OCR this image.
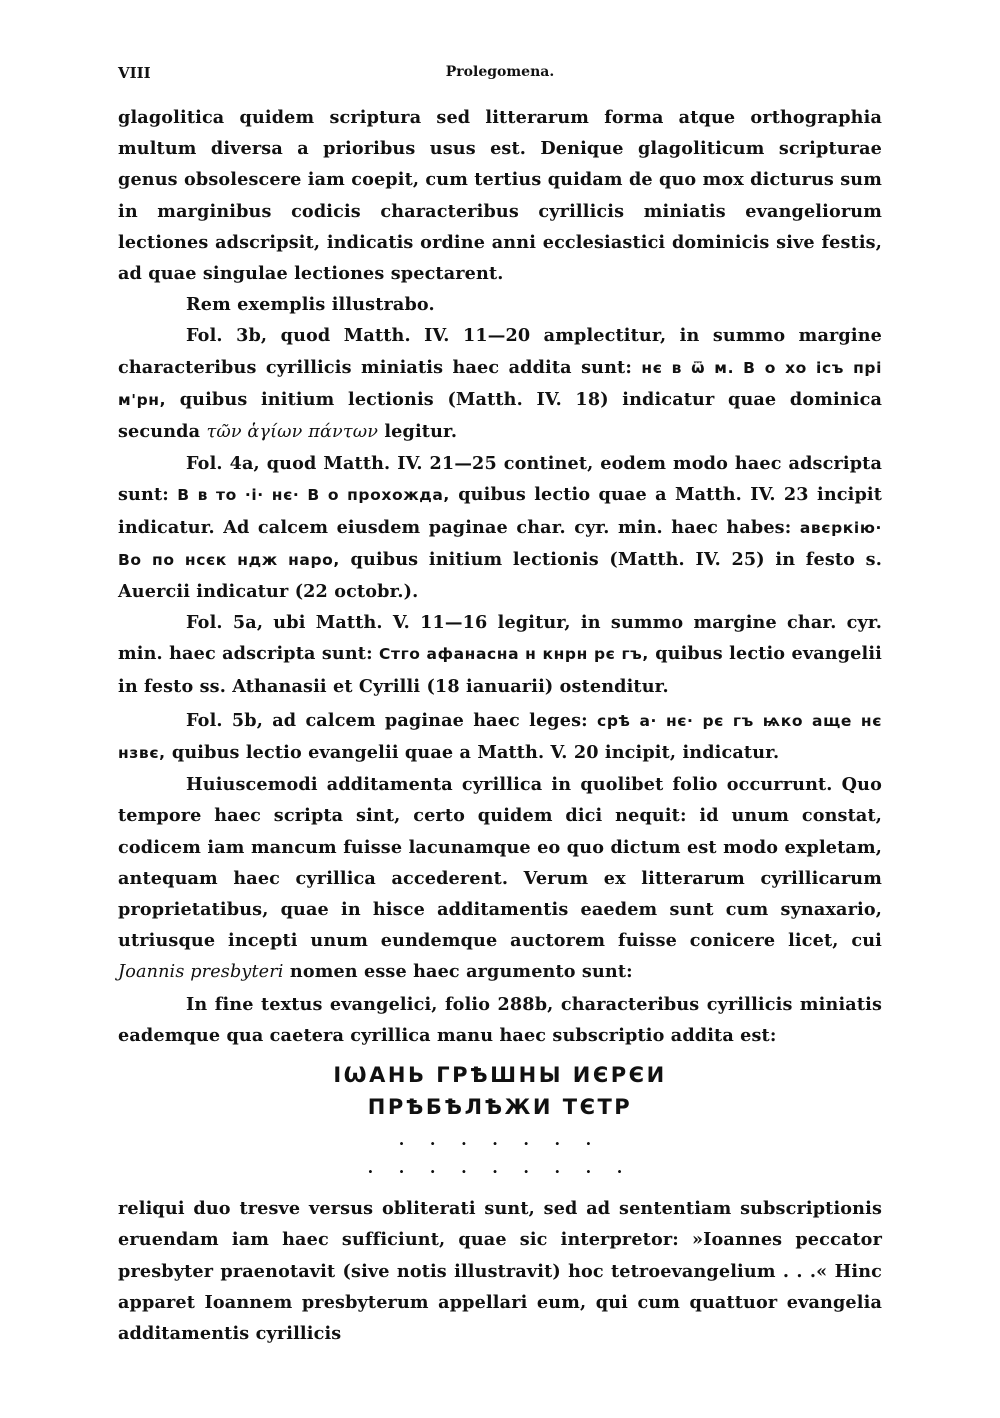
VIII	Prolegomena.

glagolitica quidem scriptura sed litterarum forma atque orthographia multum diversa a prioribus usus est. Denique glagoliticum scripturae genus obsolescere iam coepit, cum tertius quidam de quo mox dicturus sum in marginibus codicis characteribus cyrillicis miniatis evangeliorum lectiones adscripsit, indicatis ordine anni ecclesiastici dominicis sive festis, ad quae singulae lectiones spectarent.

Rem exemplis illustrabo.

Fol. 3b, quod Matth. IV. 11—20 amplectitur, in summo margine characteribus cyrillicis miniatis haec addita sunt: нє в ѿ м. В о хо ісъ прі м'рн, quibus initium lectionis (Matth. IV. 18) indicatur quae dominica secunda τῶν ἁγίων πάντων legitur.

Fol. 4a, quod Matth. IV. 21—25 continet, eodem modo haec adscripta sunt: В в то ·і· нє· В о прохождa, quibus lectio quae a Matth. IV. 23 incipit indicatur. Ad calcem eiusdem paginae char. cyr. min. haec habes: авєркію· Во по нсєк ндж наро, quibus initium lectionis (Matth. IV. 25) in festo s. Auercii indicatur (22 octobr.).

Fol. 5a, ubi Matth. V. 11—16 legitur, in summo margine char. cyr. min. haec adscripta sunt: Стго афанасна н кнрн рє гъ, quibus lectio evangelii in festo ss. Athanasii et Cyrilli (18 ianuarii) ostenditur.

Fol. 5b, ad calcem paginae haec leges: срѣ а· нє· рє гъ ѩко аще нє нзвє, quibus lectio evangelii quae a Matth. V. 20 incipit, indicatur.

Huiuscemodi additamenta cyrillica in quolibet folio occurrunt. Quo tempore haec scripta sint, certo quidem dici nequit: id unum constat, codicem iam mancum fuisse lacunamque eo quo dictum est modo expletam, antequam haec cyrillica accederent. Verum ex litterarum cyrillicarum proprietatibus, quae in hisce additamentis eaedem sunt cum synaxario, utriusque incepti unum eundemque auctorem fuisse conicere licet, cui Joannis presbyteri nomen esse haec argumento sunt:

In fine textus evangelici, folio 288b, characteribus cyrillicis miniatis eademque qua caetera cyrillica manu haec subscriptio addita est:

ІѠАНЬ ГРѢШНЫ ИЄРЄИ

ПРѢБѢЛѢЖИ ТЄТР

. . . . . . .

. . . . . . . . .

reliqui duo tresve versus obliterati sunt, sed ad sententiam subscriptionis eruendam iam haec sufficiunt, quae sic interpretor: »Ioannes peccator presbyter praenotavit (sive notis illustravit) hoc tetroevangelium . . .« Hinc apparet Ioannem presbyterum appellari eum, qui cum quattuor evangelia additamentis cyrillicis
